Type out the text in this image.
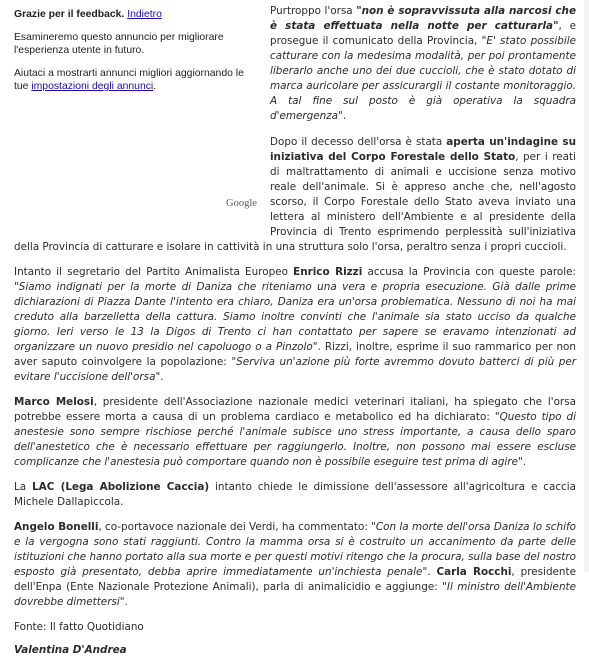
Grazie per il feedback. Indietro

Esamineremo questo annuncio per migliorare l'esperienza utente in futuro.

Aiutaci a mostrarti annunci migliori aggiornando le tue impostazioni degli annunci.

Google

Purtroppo l'orsa "non è sopravvissuta alla narcosi che è stata effettuata nella notte per catturarla", e prosegue il comunicato della Provincia, "E' stato possibile catturare con la medesima modalità, per poi prontamente liberarlo anche uno dei due cuccioli, che è stato dotato di marca auricolare per assicurargli il costante monitoraggio. A tal fine sul posto è già operativa la squadra d'emergenza".

Dopo il decesso dell'orsa è stata aperta un'indagine su iniziativa del Corpo Forestale dello Stato, per i reati di maltrattamento di animali e uccisione senza motivo reale dell'animale. Si è appreso anche che, nell'agosto scorso, il Corpo Forestale dello Stato aveva inviato una lettera al ministero dell'Ambiente e al presidente della Provincia di Trento esprimendo perplessità sull'iniziativa della Provincia di catturare e isolare in cattività in una struttura solo l'orsa, peraltro senza i propri cuccioli.

Intanto il segretario del Partito Animalista Europeo Enrico Rizzi accusa la Provincia con queste parole: "Siamo indignati per la morte di Daniza che riteniamo una vera e propria esecuzione. Già dalle prime dichiarazioni di Piazza Dante l'intento era chiaro, Daniza era un'orsa problematica. Nessuno di noi ha mai creduto alla barzelletta della cattura. Siamo inoltre convinti che l'animale sia stato ucciso da qualche giorno. Ieri verso le 13 la Digos di Trento ci han contattato per sapere se eravamo intenzionati ad organizzare un nuovo presidio nel capoluogo o a Pinzolo". Rizzi, inoltre, esprime il suo rammarico per non aver saputo coinvolgere la popolazione: "Serviva un'azione più forte avremmo dovuto batterci di più per evitare l'uccisione dell'orsa".

Marco Melosi, presidente dell'Associazione nazionale medici veterinari italiani, ha spiegato che l'orsa potrebbe essere morta a causa di un problema cardiaco e metabolico ed ha dichiarato: "Questo tipo di anestesie sono sempre rischiose perché l'animale subisce uno stress importante, a causa dello sparo dell'anestetico che è necessario effettuare per raggiungerlo. Inoltre, non possono mai essere escluse complicanze che l'anestesia può comportare quando non è possibile eseguire test prima di agire".

La LAC (Lega Abolizione Caccia) intanto chiede le dimissione dell'assessore all'agricoltura e caccia Michele Dallapiccola.

Angelo Bonelli, co-portavoce nazionale dei Verdi, ha commentato: "Con la morte dell'orsa Daniza lo schifo e la vergogna sono stati raggiunti. Contro la mamma orsa si è costruito un accanimento da parte delle istituzioni che hanno portato alla sua morte e per questi motivi ritengo che la procura, sulla base del nostro esposto già presentato, debba aprire immediatamente un'inchiesta penale". Carla Rocchi, presidente dell'Enpa (Ente Nazionale Protezione Animali), parla di animalicidio e aggiunge: "Il ministro dell'Ambiente dovrebbe dimettersi".

Fonte: Il fatto Quotidiano

Valentina D'Andrea
